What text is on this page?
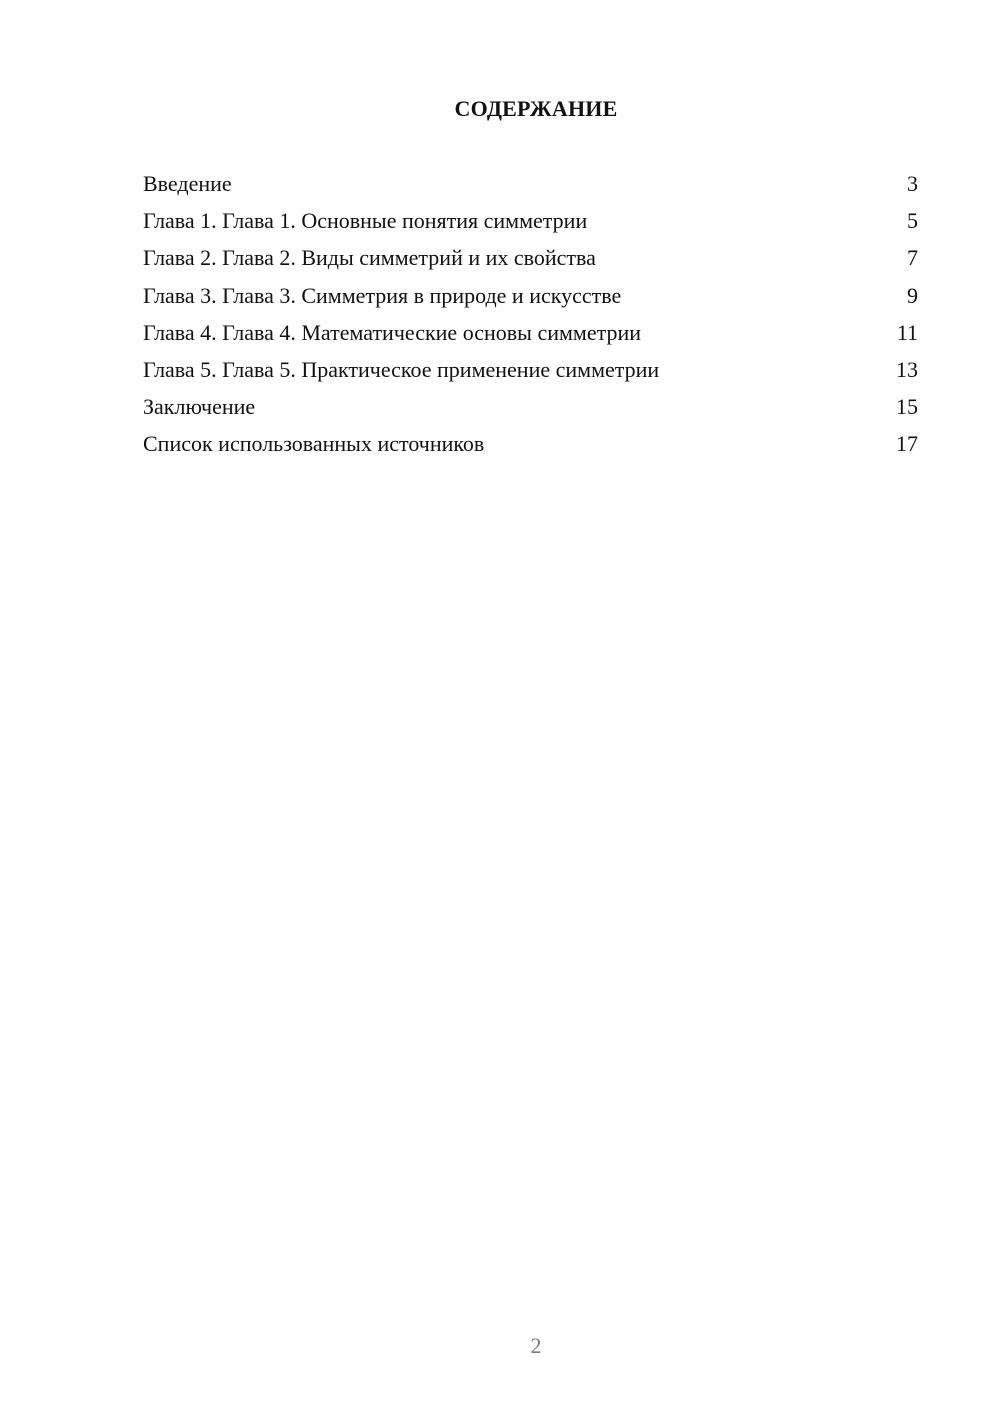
СОДЕРЖАНИЕ
Введение	3
Глава 1. Глава 1. Основные понятия симметрии	5
Глава 2. Глава 2. Виды симметрий и их свойства	7
Глава 3. Глава 3. Симметрия в природе и искусстве	9
Глава 4. Глава 4. Математические основы симметрии	11
Глава 5. Глава 5. Практическое применение симметрии	13
Заключение	15
Список использованных источников	17
2
